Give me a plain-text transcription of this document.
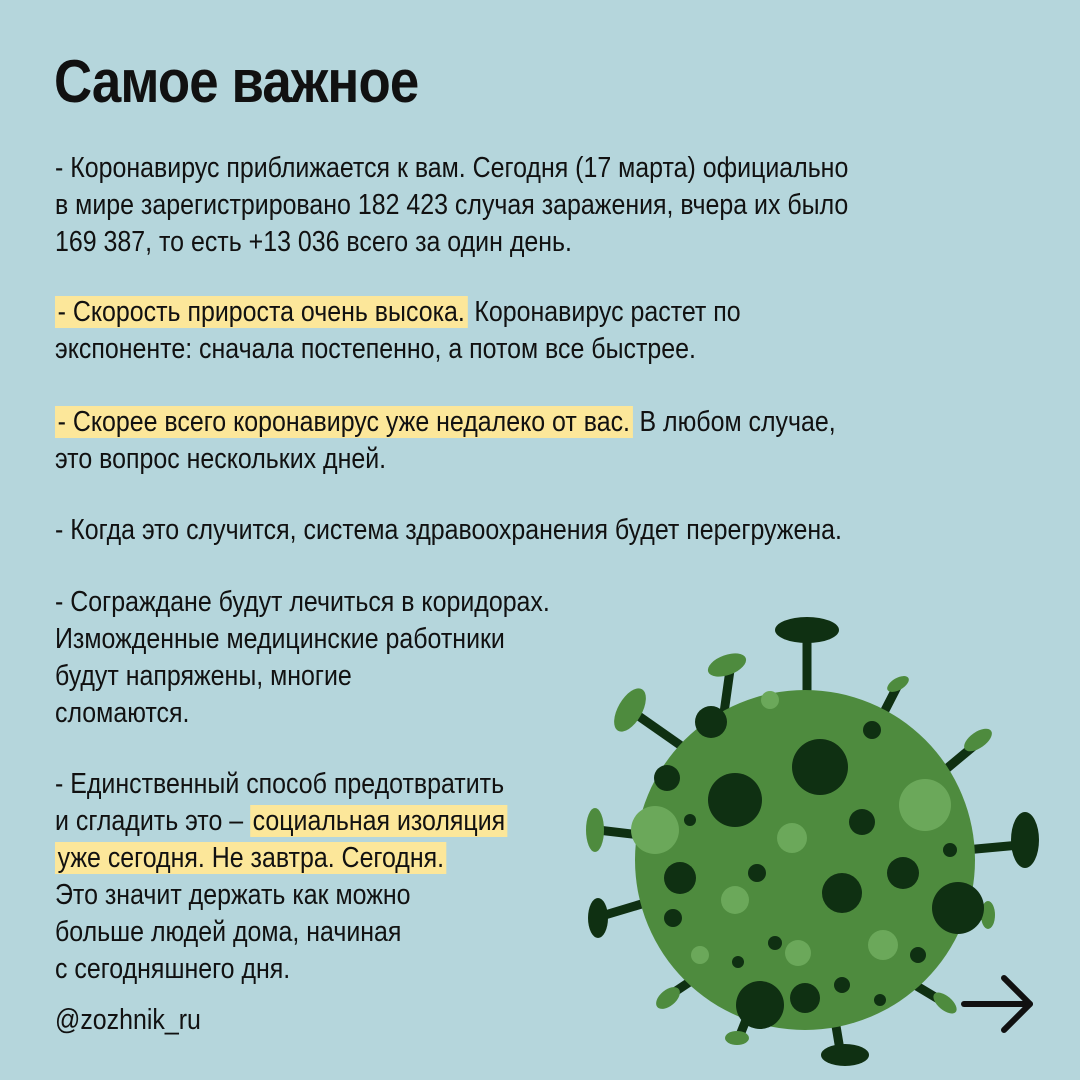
Самое важное
- Коронавирус приближается к вам. Сегодня (17 марта) официально
в мире зарегистрировано 182 423 случая заражения, вчера их было
169 387, то есть +13 036 всего за один день.
- Скорость прироста очень высока. Коронавирус растет по
экспоненте: сначала постепенно, а потом все быстрее.
- Скорее всего коронавирус уже недалеко от вас. В любом случае,
это вопрос нескольких дней.
- Когда это случится, система здравоохранения будет перегружена.
- Сограждане будут лечиться в коридорах.
Изможденные медицинские работники
будут напряжены, многие
сломаются.
- Единственный способ предотвратить
и сгладить это – социальная изоляция
уже сегодня. Не завтра. Сегодня.
Это значит держать как можно
больше людей дома, начиная
с сегодняшнего дня.
@zozhnik_ru
